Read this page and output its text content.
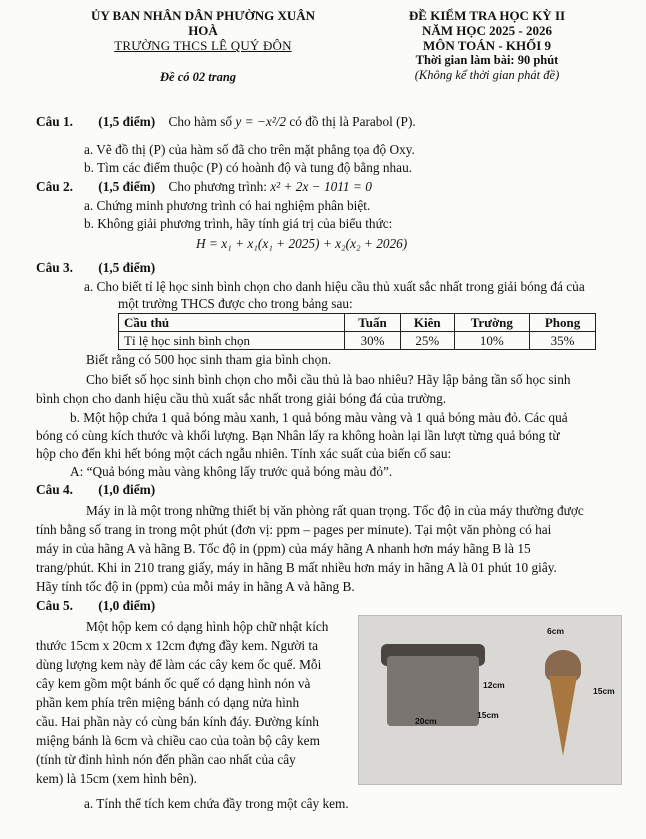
ỦY BAN NHÂN DÂN PHƯỜNG XUÂN HOÀ
TRƯỜNG THCS LÊ QUÝ ĐÔN
Đề có 02 trang
ĐỀ KIỂM TRA HỌC KỲ II
NĂM HỌC 2025 - 2026
MÔN TOÁN - KHỐI 9
Thời gian làm bài: 90 phút
(Không kể thời gian phát đề)
Câu 1. (1,5 điểm) Cho hàm số y = −x²/2 có đồ thị là Parabol (P).
a. Vẽ đồ thị (P) của hàm số đã cho trên mặt phẳng tọa độ Oxy.
b. Tìm các điểm thuộc (P) có hoành độ và tung độ bằng nhau.
Câu 2. (1,5 điểm) Cho phương trình: x² + 2x − 1011 = 0
a. Chứng minh phương trình có hai nghiệm phân biệt.
b. Không giải phương trình, hãy tính giá trị của biểu thức:
H = x₁ + x₁(x₁ + 2025) + x₂(x₂ + 2026)
Câu 3. (1,5 điểm)
a. Cho biết tỉ lệ học sinh bình chọn cho danh hiệu cầu thủ xuất sắc nhất trong giải bóng đá của
một trường THCS được cho trong bảng sau:
Cầu thủ	Tuấn	Kiên	Trường	Phong
Tỉ lệ học sinh bình chọn	30%	25%	10%	35%
Biết rằng có 500 học sinh tham gia bình chọn.
Cho biết số học sinh bình chọn cho mỗi cầu thủ là bao nhiêu? Hãy lập bảng tần số học sinh
bình chọn cho danh hiệu cầu thủ xuất sắc nhất trong giải bóng đá của trường.
b. Một hộp chứa 1 quả bóng màu xanh, 1 quả bóng màu vàng và 1 quả bóng màu đỏ. Các quả
bóng có cùng kích thước và khối lượng. Bạn Nhân lấy ra không hoàn lại lần lượt từng quả bóng từ
hộp cho đến khi hết bóng một cách ngẫu nhiên. Tính xác suất của biến cố sau:
A: “Quả bóng màu vàng không lấy trước quả bóng màu đỏ”.
Câu 4. (1,0 điểm)
Máy in là một trong những thiết bị văn phòng rất quan trọng. Tốc độ in của máy thường được
tính bằng số trang in trong một phút (đơn vị: ppm – pages per minute). Tại một văn phòng có hai
máy in của hãng A và hãng B. Tốc độ in (ppm) của máy hãng A nhanh hơn máy hãng B là 15
trang/phút. Khi in 210 trang giấy, máy in hãng B mất nhiều hơn máy in hãng A là 01 phút 10 giây.
Hãy tính tốc độ in (ppm) của mỗi máy in hãng A và hãng B.
Câu 5. (1,0 điểm)
Một hộp kem có dạng hình hộp chữ nhật kích
thước 15cm x 20cm x 12cm đựng đầy kem. Người ta
dùng lượng kem này để làm các cây kem ốc quế. Mỗi
cây kem gồm một bánh ốc quế có dạng hình nón và
phần kem phía trên miệng bánh có dạng nửa hình
cầu. Hai phần này có cùng bán kính đáy. Đường kính
miệng bánh là 6cm và chiều cao của toàn bộ cây kem
(tính từ đỉnh hình nón đến phần cao nhất của cây
kem) là 15cm (xem hình bên).
a. Tính thể tích kem chứa đầy trong một cây kem.
6cm
12cm
15cm
20cm
15cm
